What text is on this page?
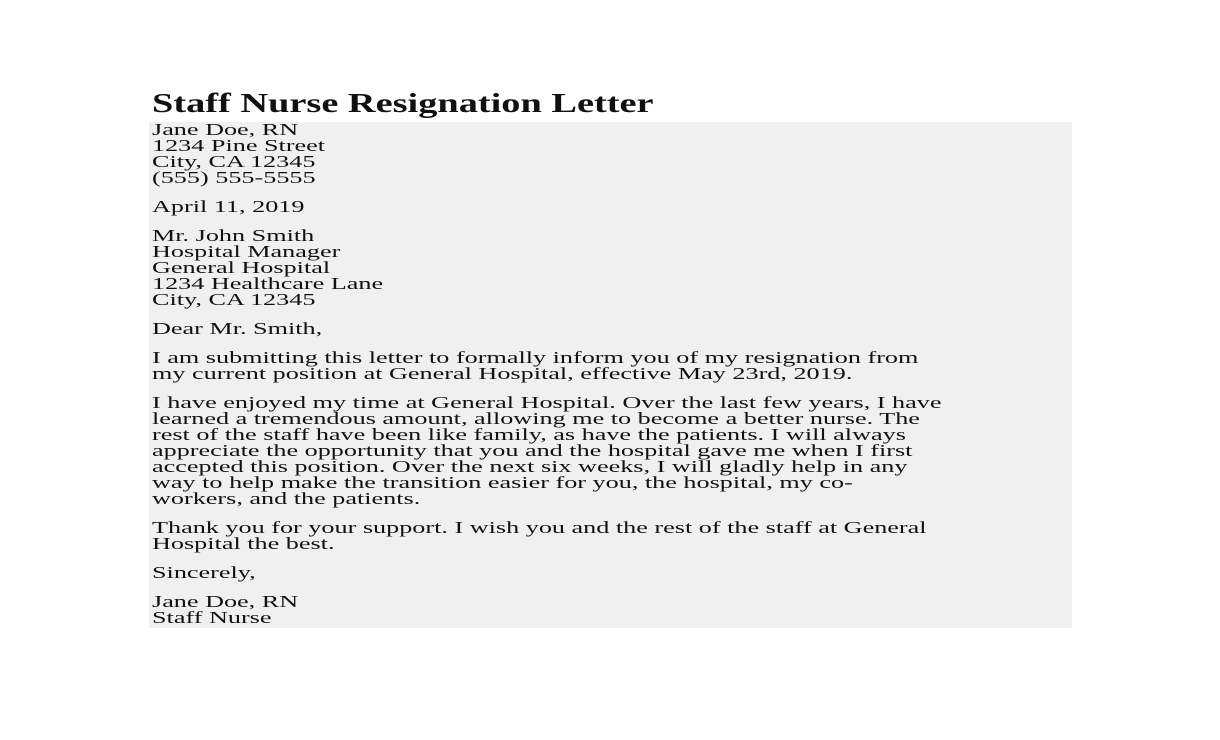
Staff Nurse Resignation Letter
Jane Doe, RN
1234 Pine Street
City, CA 12345
(555) 555-5555
April 11, 2019
Mr. John Smith
Hospital Manager
General Hospital
1234 Healthcare Lane
City, CA 12345
Dear Mr. Smith,
I am submitting this letter to formally inform you of my resignation from
my current position at General Hospital, effective May 23rd, 2019.
I have enjoyed my time at General Hospital. Over the last few years, I have
learned a tremendous amount, allowing me to become a better nurse. The
rest of the staff have been like family, as have the patients. I will always
appreciate the opportunity that you and the hospital gave me when I first
accepted this position. Over the next six weeks, I will gladly help in any
way to help make the transition easier for you, the hospital, my co-
workers, and the patients.
Thank you for your support. I wish you and the rest of the staff at General
Hospital the best.
Sincerely,
Jane Doe, RN
Staff Nurse
